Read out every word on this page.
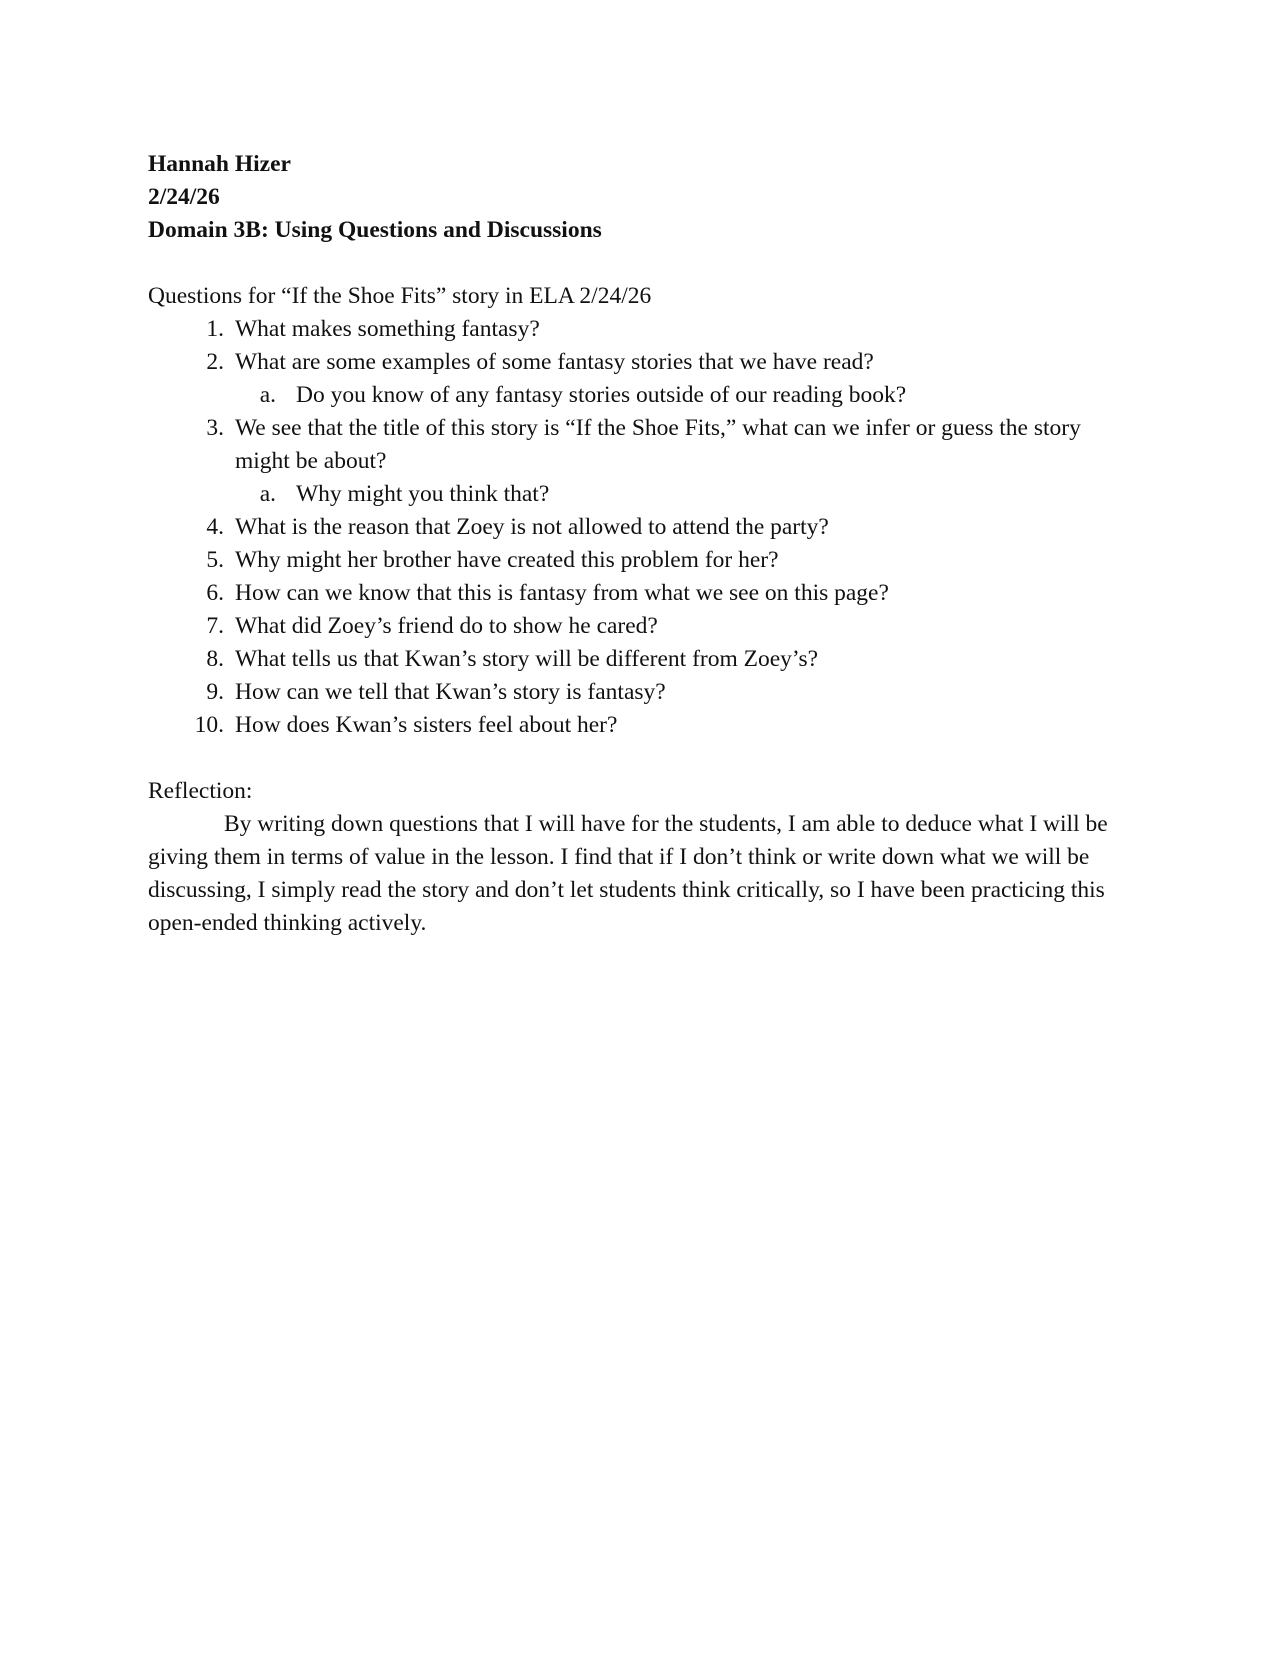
Hannah Hizer

2/24/26

Domain 3B: Using Questions and Discussions

Questions for “If the Shoe Fits” story in ELA 2/24/26

1. What makes something fantasy?
2. What are some examples of some fantasy stories that we have read?
a. Do you know of any fantasy stories outside of our reading book?
3. We see that the title of this story is “If the Shoe Fits,” what can we infer or guess the story might be about?
a. Why might you think that?
4. What is the reason that Zoey is not allowed to attend the party?
5. Why might her brother have created this problem for her?
6. How can we know that this is fantasy from what we see on this page?
7. What did Zoey’s friend do to show he cared?
8. What tells us that Kwan’s story will be different from Zoey’s?
9. How can we tell that Kwan’s story is fantasy?
10. How does Kwan’s sisters feel about her?

Reflection:

By writing down questions that I will have for the students, I am able to deduce what I will be giving them in terms of value in the lesson. I find that if I don’t think or write down what we will be discussing, I simply read the story and don’t let students think critically, so I have been practicing this open-ended thinking actively.
